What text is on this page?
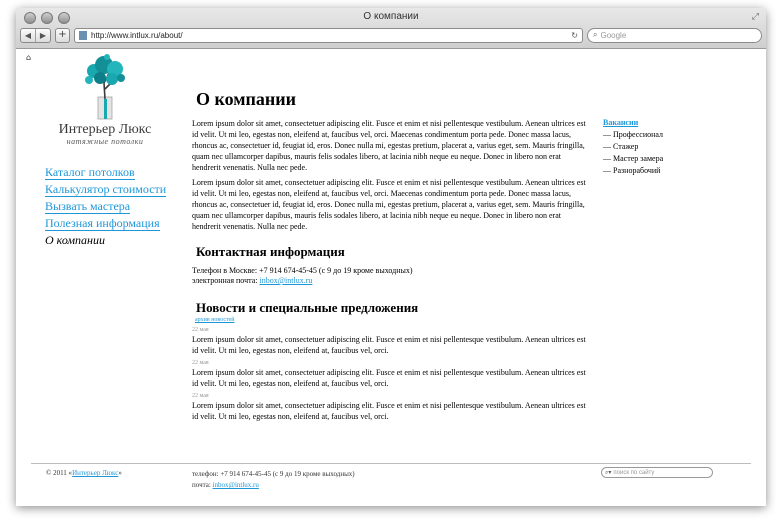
О компании	⤢
◀	▶	+	http://www.intlux.ru/about/	↻ ⌕ Google
⌂
Интерьер Люкс
натяжные потолки
Каталог потолков
Калькулятор стоимости
Вызвать мастера
Полезная информация
О компании
О компании

Lorem ipsum dolor sit amet, consectetuer adipiscing elit. Fusce et enim et nisi pellentesque vestibulum. Aenean ultrices est id velit. Ut mi leo, egestas non, eleifend at, faucibus vel, orci. Maecenas condimentum porta pede. Donec massa lacus, rhoncus ac, consectetuer id, feugiat id, eros. Donec nulla mi, egestas pretium, placerat a, varius eget, sem. Mauris fringilla, quam nec ullamcorper dapibus, mauris felis sodales libero, at lacinia nibh neque eu neque. Donec in libero non erat hendrerit venenatis. Nulla nec pede.

Lorem ipsum dolor sit amet, consectetuer adipiscing elit. Fusce et enim et nisi pellentesque vestibulum. Aenean ultrices est id velit. Ut mi leo, egestas non, eleifend at, faucibus vel, orci. Maecenas condimentum porta pede. Donec massa lacus, rhoncus ac, consectetuer id, feugiat id, eros. Donec nulla mi, egestas pretium, placerat a, varius eget, sem. Mauris fringilla, quam nec ullamcorper dapibus, mauris felis sodales libero, at lacinia nibh neque eu neque. Donec in libero non erat hendrerit venenatis. Nulla nec pede.

Контактная информация
Телефон в Москве: +7 914 674-45-45 (с 9 до 19 кроме выходных)
электронная почта: inbox@intlux.ru
Новости и специальные предложения
архив новостей
22 мая

Lorem ipsum dolor sit amet, consectetuer adipiscing elit. Fusce et enim et nisi pellentesque vestibulum. Aenean ultrices est id velit. Ut mi leo, egestas non, eleifend at, faucibus vel, orci.

22 мая

Lorem ipsum dolor sit amet, consectetuer adipiscing elit. Fusce et enim et nisi pellentesque vestibulum. Aenean ultrices est id velit. Ut mi leo, egestas non, eleifend at, faucibus vel, orci.

22 мая

Lorem ipsum dolor sit amet, consectetuer adipiscing elit. Fusce et enim et nisi pellentesque vestibulum. Aenean ultrices est id velit. Ut mi leo, egestas non, eleifend at, faucibus vel, orci.

Вакансии
— Профессионал
— Стажер
— Мастер замера
— Разнорабочий
© 2011 «Интерьер Люкс»	телефон: +7 914 674-45-45 (с 9 до 19 кроме выходных)
почта: inbox@intlux.ru
⌕▾ поиск по сайту
